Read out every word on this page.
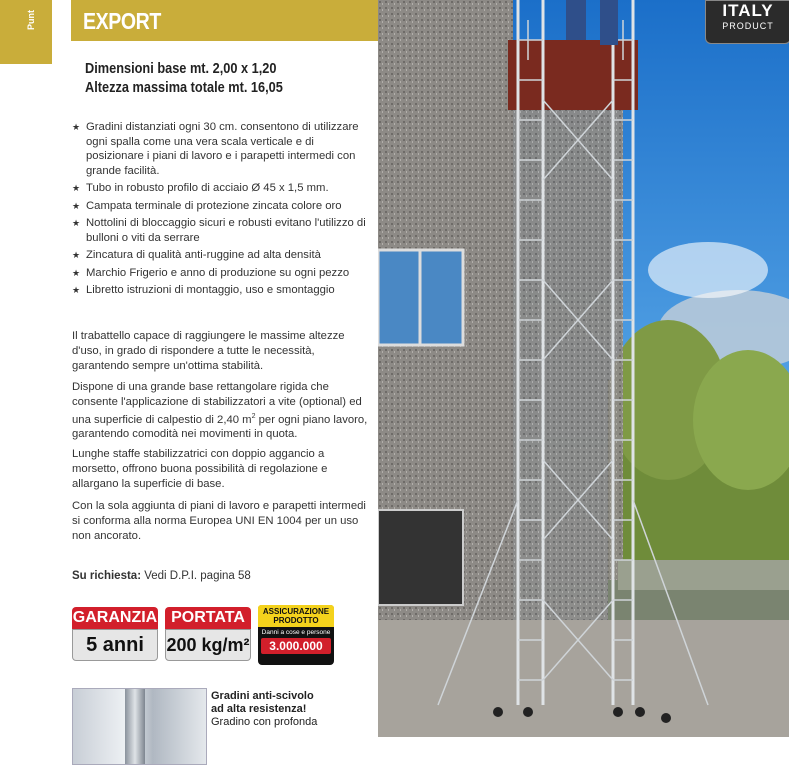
Punt EXPORT
Dimensioni base mt. 2,00 x 1,20
Altezza massima totale mt. 16,05
★ Gradini distanziati ogni 30 cm. consentono di utilizzare ogni spalla come una vera scala verticale e di posizionare i piani di lavoro e i parapetti intermedi con grande facilità.
★ Tubo in robusto profilo di acciaio Ø 45 x 1,5 mm.
★ Campata terminale di protezione zincata colore oro
★ Nottolini di bloccaggio sicuri e robusti evitano l'utilizzo di bulloni o viti da serrare
★ Zincatura di qualità anti-ruggine ad alta densità
★ Marchio Frigerio e anno di produzione su ogni pezzo
★ Libretto istruzioni di montaggio, uso e smontaggio

Il trabattello capace di raggiungere le massime altezze d'uso, in grado di rispondere a tutte le necessità, garantendo sempre un'ottima stabilità.

Dispone di una grande base rettangolare rigida che consente l'applicazione di stabilizzatori a vite (optional) ed una superficie di calpestio di 2,40 $m^2$ per ogni piano lavoro, garantendo comodità nei movimenti in quota.

Lunghe staffe stabilizzatrici con doppio aggancio a morsetto, offrono buona possibilità di regolazione e allargano la superficie di base.

Con la sola aggiunta di piani di lavoro e parapetti intermedi si conforma alla norma Europea UNI EN 1004 per un uso non ancorato.

Su richiesta: Vedi D.P.I. pagina 58
GARANZIA
5 anni
PORTATA
200 kg/m²
ASSICURAZIONE PRODOTTO
Danni a cose e persone
3.000.000
Gradini anti-scivolo
ad alta resistenza!
Gradino con profonda
ITALY
PRODUCT
